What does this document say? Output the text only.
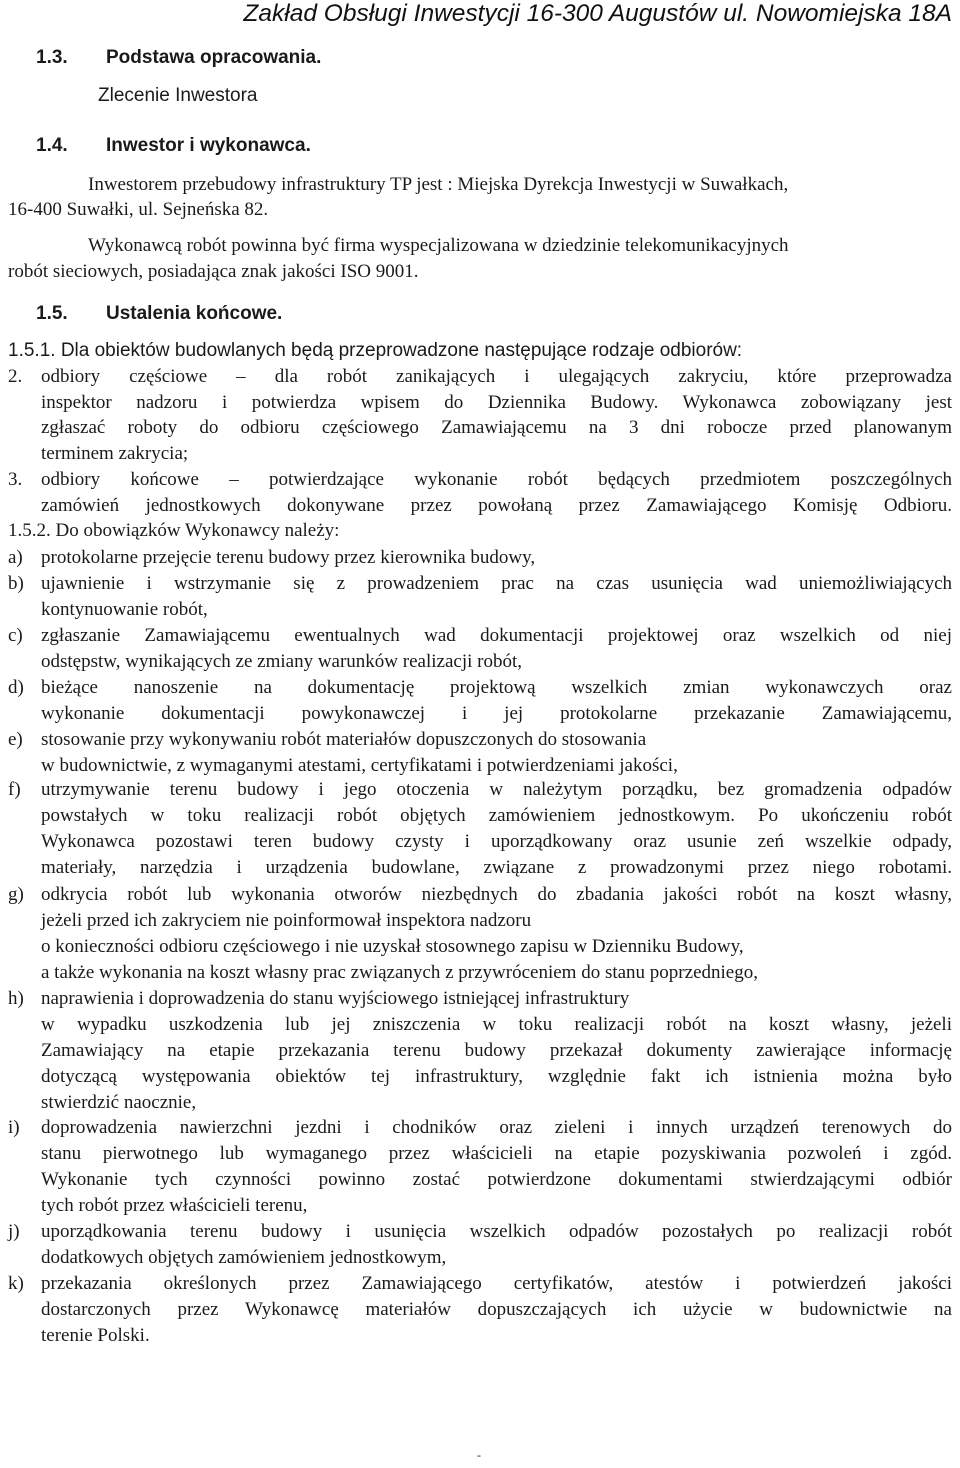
Zakład Obsługi Inwestycji 16-300 Augustów ul. Nowomiejska 18A
1.3. Podstawa opracowania.
Zlecenie Inwestora
1.4. Inwestor i wykonawca.
Inwestorem przebudowy infrastruktury TP jest : Miejska Dyrekcja Inwestycji w Suwałkach,
16-400 Suwałki, ul. Sejneńska 82.
Wykonawcą robót powinna być firma wyspecjalizowana w dziedzinie telekomunikacyjnych
robót sieciowych, posiadająca znak jakości ISO 9001.
1.5. Ustalenia końcowe.
1.5.1. Dla obiektów budowlanych będą przeprowadzone następujące rodzaje odbiorów:
2. odbiory częściowe – dla robót zanikających i ulegających zakryciu, które przeprowadza
inspektor nadzoru i potwierdza wpisem do Dziennika Budowy. Wykonawca zobowiązany jest
zgłaszać roboty do odbioru częściowego Zamawiającemu na 3 dni robocze przed planowanym
terminem zakrycia;
3. odbiory końcowe – potwierdzające wykonanie robót będących przedmiotem poszczególnych
zamówień jednostkowych dokonywane przez powołaną przez Zamawiającego Komisję Odbioru.
1.5.2. Do obowiązków Wykonawcy należy:
a) protokolarne przejęcie terenu budowy przez kierownika budowy,
b) ujawnienie i wstrzymanie się z prowadzeniem prac na czas usunięcia wad uniemożliwiających
kontynuowanie robót,
c) zgłaszanie Zamawiającemu ewentualnych wad dokumentacji projektowej oraz wszelkich od niej
odstępstw, wynikających ze zmiany warunków realizacji robót,
d) bieżące nanoszenie na dokumentację projektową wszelkich zmian wykonawczych oraz
wykonanie dokumentacji powykonawczej i jej protokolarne przekazanie Zamawiającemu,
e) stosowanie przy wykonywaniu robót materiałów dopuszczonych do stosowania
w budownictwie, z wymaganymi atestami, certyfikatami i potwierdzeniami jakości,
f) utrzymywanie terenu budowy i jego otoczenia w należytym porządku, bez gromadzenia odpadów
powstałych w toku realizacji robót objętych zamówieniem jednostkowym. Po ukończeniu robót
Wykonawca pozostawi teren budowy czysty i uporządkowany oraz usunie zeń wszelkie odpady,
materiały, narzędzia i urządzenia budowlane, związane z prowadzonymi przez niego robotami.
g) odkrycia robót lub wykonania otworów niezbędnych do zbadania jakości robót na koszt własny,
jeżeli przed ich zakryciem nie poinformował inspektora nadzoru
o konieczności odbioru częściowego i nie uzyskał stosownego zapisu w Dzienniku Budowy,
a także wykonania na koszt własny prac związanych z przywróceniem do stanu poprzedniego,
h) naprawienia i doprowadzenia do stanu wyjściowego istniejącej infrastruktury
w wypadku uszkodzenia lub jej zniszczenia w toku realizacji robót na koszt własny, jeżeli
Zamawiający na etapie przekazania terenu budowy przekazał dokumenty zawierające informację
dotyczącą występowania obiektów tej infrastruktury, względnie fakt ich istnienia można było
stwierdzić naocznie,
i) doprowadzenia nawierzchni jezdni i chodników oraz zieleni i innych urządzeń terenowych do
stanu pierwotnego lub wymaganego przez właścicieli na etapie pozyskiwania pozwoleń i zgód.
Wykonanie tych czynności powinno zostać potwierdzone dokumentami stwierdzającymi odbiór
tych robót przez właścicieli terenu,
j) uporządkowania terenu budowy i usunięcia wszelkich odpadów pozostałych po realizacji robót
dodatkowych objętych zamówieniem jednostkowym,
k) przekazania określonych przez Zamawiającego certyfikatów, atestów i potwierdzeń jakości
dostarczonych przez Wykonawcę materiałów dopuszczających ich użycie w budownictwie na
terenie Polski.
-
